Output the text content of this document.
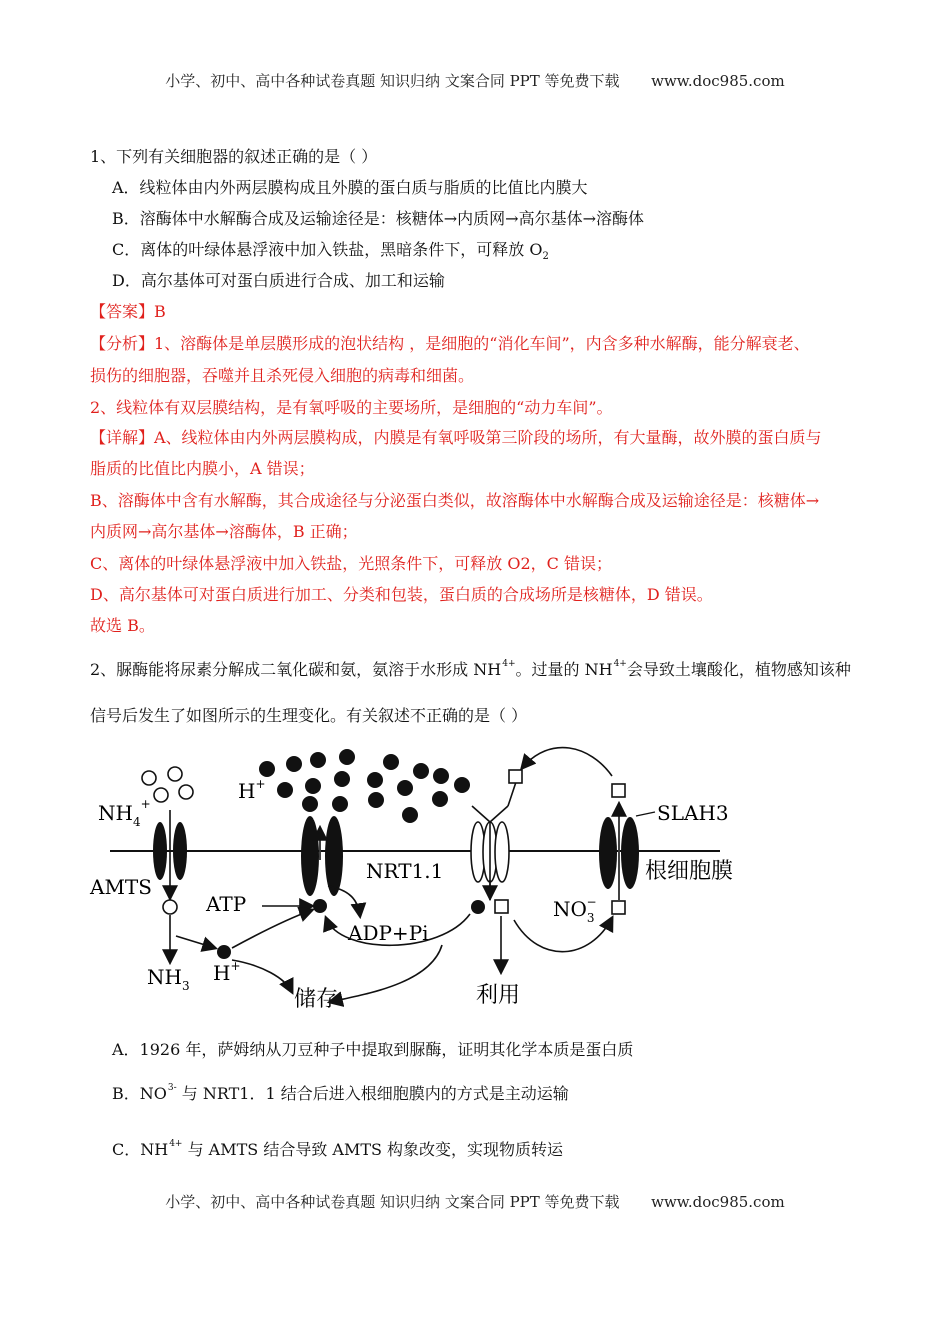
小学、初中、高中各种试卷真题 知识归纳 文案合同 PPT 等免费下载 www.doc985.com
1、下列有关细胞器的叙述正确的是（ ）
A．线粒体由内外两层膜构成且外膜的蛋白质与脂质的比值比内膜大
B．溶酶体中水解酶合成及运输途径是：核糖体→内质网→高尔基体→溶酶体
C．离体的叶绿体悬浮液中加入铁盐，黑暗条件下，可释放 $O_2$
D．高尔基体可对蛋白质进行合成、加工和运输
【答案】B
【分析】1、溶酶体是单层膜形成的泡状结构 ，是细胞的“消化车间”，内含多种水解酶，能分解衰老、
损伤的细胞器，吞噬并且杀死侵入细胞的病毒和细菌。
2、线粒体有双层膜结构，是有氧呼吸的主要场所，是细胞的“动力车间”。
【详解】A、线粒体由内外两层膜构成，内膜是有氧呼吸第三阶段的场所，有大量酶，故外膜的蛋白质与
脂质的比值比内膜小，A 错误；
B、溶酶体中含有水解酶，其合成途径与分泌蛋白类似，故溶酶体中水解酶合成及运输途径是：核糖体→
内质网→高尔基体→溶酶体，B 正确；
C、离体的叶绿体悬浮液中加入铁盐，光照条件下，可释放 O2，C 错误；
D、高尔基体可对蛋白质进行加工、分类和包装，蛋白质的合成场所是核糖体，D 错误。
故选 B。
2、脲酶能将尿素分解成二氧化碳和氨，氨溶于水形成 $NH^{4+}$。过量的 $NH^{4+}$会导致土壤酸化，植物感知该种
信号后发生了如图所示的生理变化。有关叙述不正确的是（ ）
$NH_4^+$
AMTS
H+
ATP
ADP+Pi
$NH_3$
H+
储存
NRT1.1
利用
SLAH3
根细胞膜
$NO_3-$
A．1926 年，萨姆纳从刀豆种子中提取到脲酶，证明其化学本质是蛋白质
B．$NO^{3-}$ 与 NRT1．1 结合后进入根细胞膜内的方式是主动运输
C．$NH^{4+}$ 与 AMTS 结合导致 AMTS 构象改变，实现物质转运
小学、初中、高中各种试卷真题 知识归纳 文案合同 PPT 等免费下载 www.doc985.com
